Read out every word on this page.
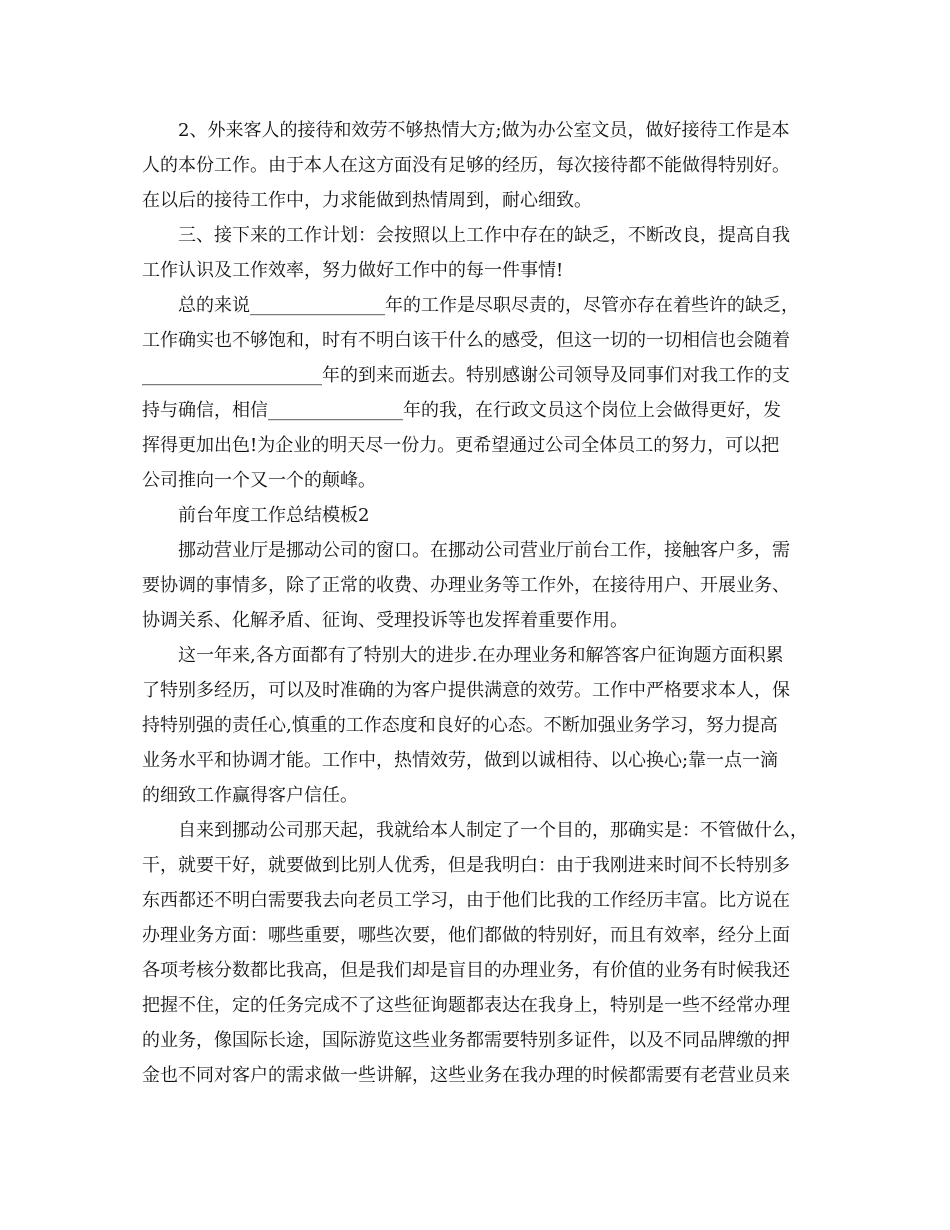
2、外来客人的接待和效劳不够热情大方;做为办公室文员，做好接待工作是本
人的本份工作。由于本人在这方面没有足够的经历，每次接待都不能做得特别好。
在以后的接待工作中，力求能做到热情周到，耐心细致。
三、接下来的工作计划：会按照以上工作中存在的缺乏，不断改良，提高自我
工作认识及工作效率，努力做好工作中的每一件事情!
总的来说_______________年的工作是尽职尽责的，尽管亦存在着些许的缺乏，
工作确实也不够饱和，时有不明白该干什么的感受，但这一切的一切相信也会随着
____________________年的到来而逝去。特别感谢公司领导及同事们对我工作的支
持与确信，相信_______________年的我，在行政文员这个岗位上会做得更好，发
挥得更加出色!为企业的明天尽一份力。更希望通过公司全体员工的努力，可以把
公司推向一个又一个的颠峰。
前台年度工作总结模板2
挪动营业厅是挪动公司的窗口。在挪动公司营业厅前台工作，接触客户多，需
要协调的事情多，除了正常的收费、办理业务等工作外，在接待用户、开展业务、
协调关系、化解矛盾、征询、受理投诉等也发挥着重要作用。
这一年来,各方面都有了特别大的进步.在办理业务和解答客户征询题方面积累
了特别多经历，可以及时准确的为客户提供满意的效劳。工作中严格要求本人，保
持特别强的责任心,慎重的工作态度和良好的心态。不断加强业务学习，努力提高
业务水平和协调才能。工作中，热情效劳，做到以诚相待、以心换心;靠一点一滴
的细致工作赢得客户信任。
自来到挪动公司那天起，我就给本人制定了一个目的，那确实是：不管做什么，
干，就要干好，就要做到比别人优秀，但是我明白：由于我刚进来时间不长特别多
东西都还不明白需要我去向老员工学习，由于他们比我的工作经历丰富。比方说在
办理业务方面：哪些重要，哪些次要，他们都做的特别好，而且有效率，经分上面
各项考核分数都比我高，但是我们却是盲目的办理业务，有价值的业务有时候我还
把握不住，定的任务完成不了这些征询题都表达在我身上，特别是一些不经常办理
的业务，像国际长途，国际游览这些业务都需要特别多证件，以及不同品牌缴的押
金也不同对客户的需求做一些讲解，这些业务在我办理的时候都需要有老营业员来
